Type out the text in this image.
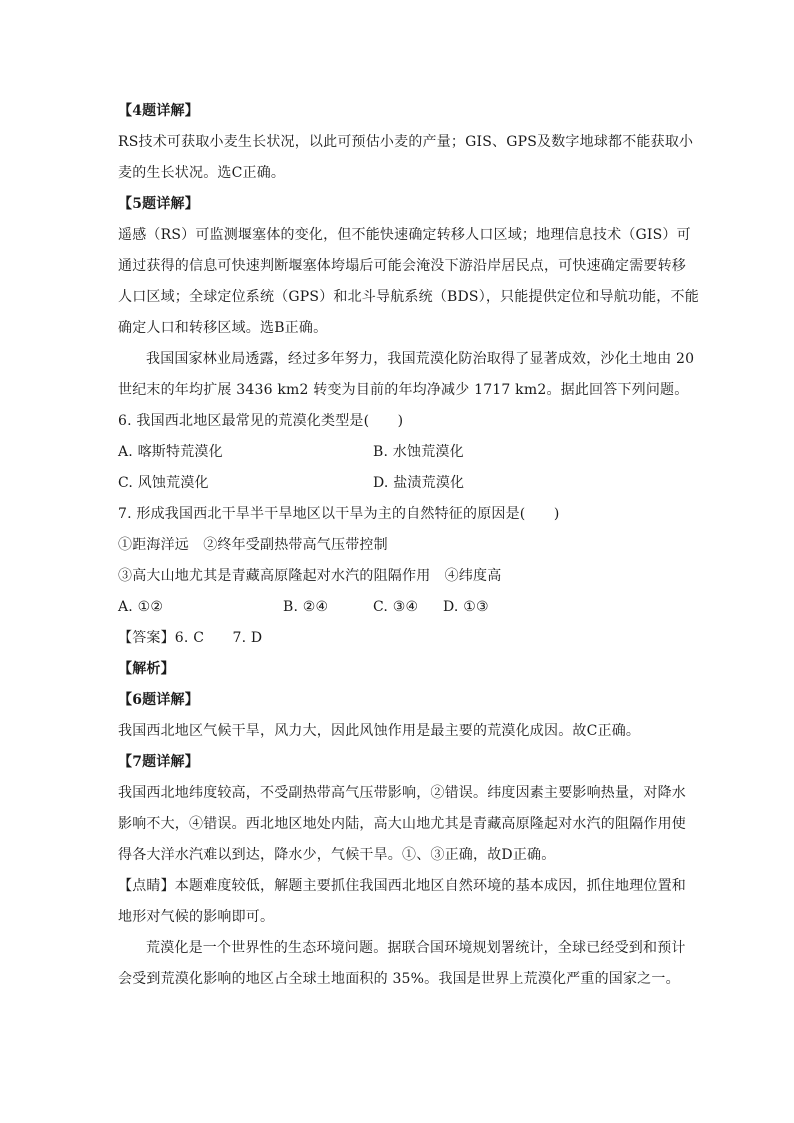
【4题详解】
RS技术可获取小麦生长状况，以此可预估小麦的产量；GIS、GPS及数字地球都不能获取小
麦的生长状况。选C正确。
【5题详解】
遥感（RS）可监测堰塞体的变化，但不能快速确定转移人口区域；地理信息技术（GIS）可
通过获得的信息可快速判断堰塞体垮塌后可能会淹没下游沿岸居民点，可快速确定需要转移
人口区域；全球定位系统（GPS）和北斗导航系统（BDS），只能提供定位和导航功能，不能
确定人口和转移区域。选B正确。
我国国家林业局透露，经过多年努力，我国荒漠化防治取得了显著成效，沙化土地由 20
世纪末的年均扩展 3436 km2 转变为目前的年均净减少 1717 km2。据此回答下列问题。
6. 我国西北地区最常见的荒漠化类型是(　　)
A. 喀斯特荒漠化	B. 水蚀荒漠化
C. 风蚀荒漠化	D. 盐渍荒漠化
7. 形成我国西北干旱半干旱地区以干旱为主的自然特征的原因是(　　)
①距海洋远　②终年受副热带高气压带控制
③高大山地尤其是青藏高原隆起对水汽的阻隔作用　④纬度高
A. ①②	B. ②④	C. ③④ D. ①③
【答案】6. C　　7. D
【解析】
【6题详解】
我国西北地区气候干旱，风力大，因此风蚀作用是最主要的荒漠化成因。故C正确。
【7题详解】
我国西北地纬度较高，不受副热带高气压带影响，②错误。纬度因素主要影响热量，对降水
影响不大，④错误。西北地区地处内陆，高大山地尤其是青藏高原隆起对水汽的阻隔作用使
得各大洋水汽难以到达，降水少，气候干旱。①、③正确，故D正确。
【点睛】本题难度较低，解题主要抓住我国西北地区自然环境的基本成因，抓住地理位置和
地形对气候的影响即可。
荒漠化是一个世界性的生态环境问题。据联合国环境规划署统计，全球已经受到和预计
会受到荒漠化影响的地区占全球土地面积的 35%。我国是世界上荒漠化严重的国家之一。
